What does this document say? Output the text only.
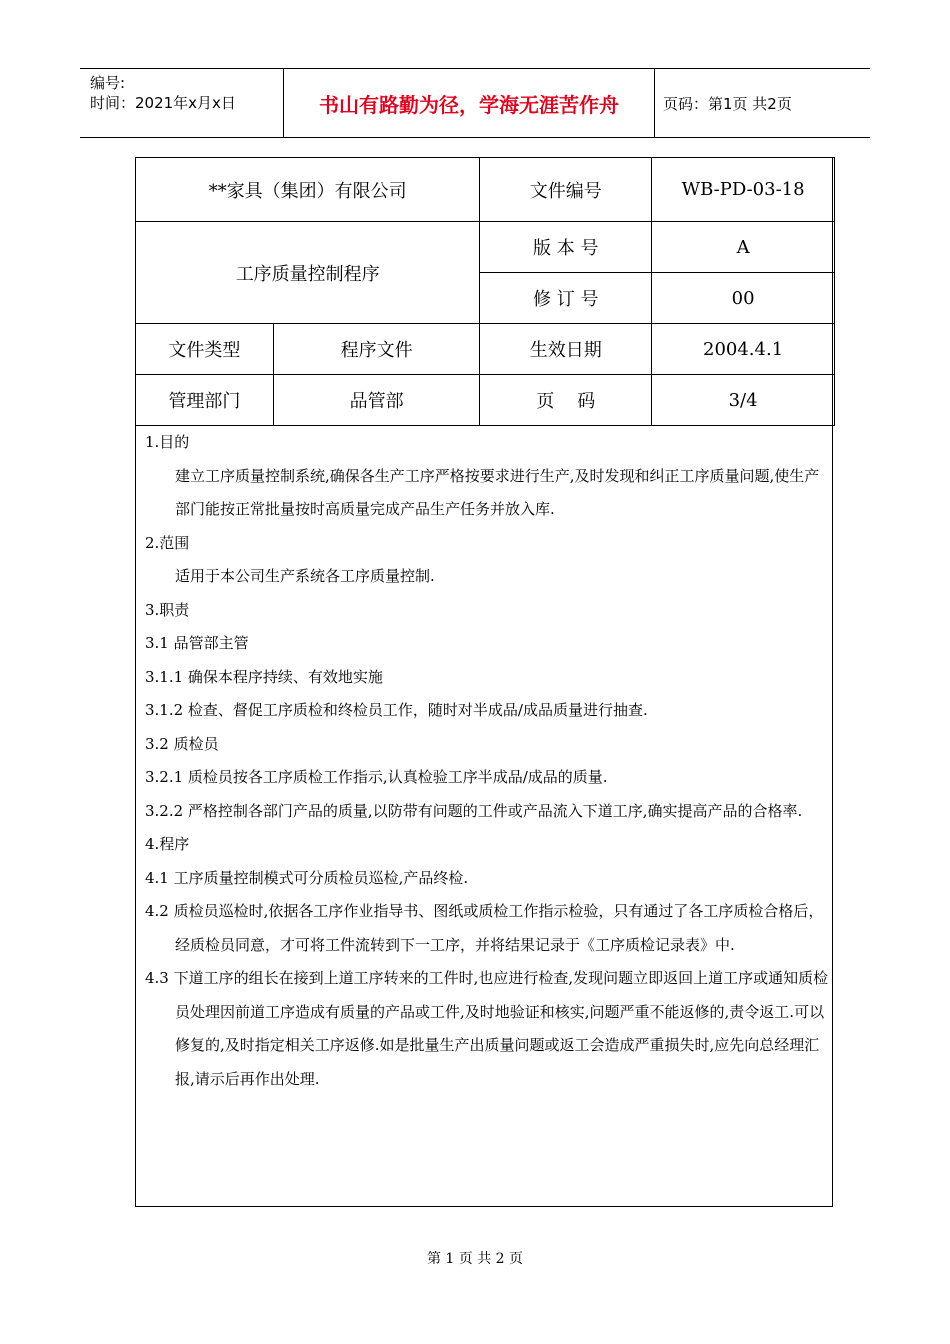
编号:
时间：2021年x月x日	书山有路勤为径，学海无涯苦作舟	页码：第1页 共2页
**家具（集团）有限公司		文件编号	WB-PD-03-18
工序质量控制程序		版 本 号	A
		修 订 号	00
文件类型	程序文件	生效日期	2004.4.1
管理部门	品管部	页    码	3/4

1.目的

建立工序质量控制系统,确保各生产工序严格按要求进行生产,及时发现和纠正工序质量问题,使生产部门能按正常批量按时高质量完成产品生产任务并放入库.

2.范围

适用于本公司生产系统各工序质量控制.

3.职责

3.1 品管部主管

3.1.1 确保本程序持续、有效地实施

3.1.2 检查、督促工序质检和终检员工作，随时对半成品/成品质量进行抽查.

3.2 质检员

3.2.1 质检员按各工序质检工作指示,认真检验工序半成品/成品的质量.

3.2.2 严格控制各部门产品的质量,以防带有问题的工件或产品流入下道工序,确实提高产品的合格率.

4.程序

4.1 工序质量控制模式可分质检员巡检,产品终检.

4.2 质检员巡检时,依据各工序作业指导书、图纸或质检工作指示检验，只有通过了各工序质检合格后，经质检员同意，才可将工件流转到下一工序，并将结果记录于《工序质检记录表》中.

4.3 下道工序的组长在接到上道工序转来的工件时,也应进行检查,发现问题立即返回上道工序或通知质检员处理因前道工序造成有质量的产品或工件,及时地验证和核实,问题严重不能返修的,责令返工.可以修复的,及时指定相关工序返修.如是批量生产出质量问题或返工会造成严重损失时,应先向总经理汇报,请示后再作出处理.

第 1 页 共 2 页
